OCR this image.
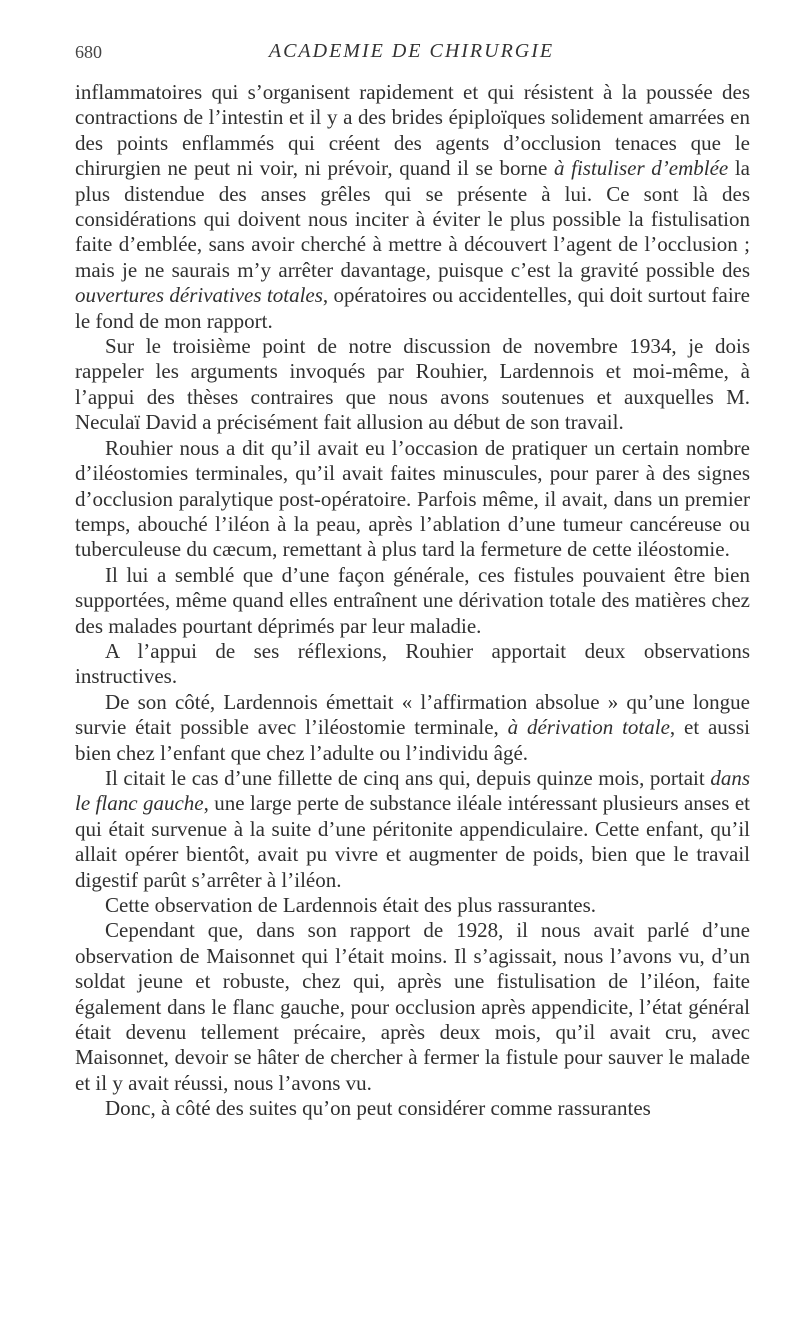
680	ACADEMIE DE CHIRURGIE

inflammatoires qui s’organisent rapidement et qui résistent à la poussée des contractions de l’intestin et il y a des brides épiploïques solidement amarrées en des points enflammés qui créent des agents d’occlusion tenaces que le chirurgien ne peut ni voir, ni prévoir, quand il se borne à fistuliser d’emblée la plus distendue des anses grêles qui se présente à lui. Ce sont là des considérations qui doivent nous inciter à éviter le plus possible la fistulisation faite d’emblée, sans avoir cherché à mettre à découvert l’agent de l’occlusion ; mais je ne saurais m’y arrêter davantage, puisque c’est la gravité possible des ouvertures dérivatives totales, opératoires ou accidentelles, qui doit surtout faire le fond de mon rapport.

Sur le troisième point de notre discussion de novembre 1934, je dois rappeler les arguments invoqués par Rouhier, Lardennois et moi-même, à l’appui des thèses contraires que nous avons soutenues et auxquelles M. Neculaï David a précisément fait allusion au début de son travail.

Rouhier nous a dit qu’il avait eu l’occasion de pratiquer un certain nombre d’iléostomies terminales, qu’il avait faites minuscules, pour parer à des signes d’occlusion paralytique post-opératoire. Parfois même, il avait, dans un premier temps, abouché l’iléon à la peau, après l’ablation d’une tumeur cancéreuse ou tuberculeuse du cæcum, remettant à plus tard la fermeture de cette iléostomie.

Il lui a semblé que d’une façon générale, ces fistules pouvaient être bien supportées, même quand elles entraînent une dérivation totale des matières chez des malades pourtant déprimés par leur maladie.

A l’appui de ses réflexions, Rouhier apportait deux observations instructives.

De son côté, Lardennois émettait « l’affirmation absolue » qu’une longue survie était possible avec l’iléostomie terminale, à dérivation totale, et aussi bien chez l’enfant que chez l’adulte ou l’individu âgé.

Il citait le cas d’une fillette de cinq ans qui, depuis quinze mois, portait dans le flanc gauche, une large perte de substance iléale intéressant plusieurs anses et qui était survenue à la suite d’une péritonite appendiculaire. Cette enfant, qu’il allait opérer bientôt, avait pu vivre et augmenter de poids, bien que le travail digestif parût s’arrêter à l’iléon.

Cette observation de Lardennois était des plus rassurantes.

Cependant que, dans son rapport de 1928, il nous avait parlé d’une observation de Maisonnet qui l’était moins. Il s’agissait, nous l’avons vu, d’un soldat jeune et robuste, chez qui, après une fistulisation de l’iléon, faite également dans le flanc gauche, pour occlusion après appendicite, l’état général était devenu tellement précaire, après deux mois, qu’il avait cru, avec Maisonnet, devoir se hâter de chercher à fermer la fistule pour sauver le malade et il y avait réussi, nous l’avons vu.

Donc, à côté des suites qu’on peut considérer comme rassurantes
